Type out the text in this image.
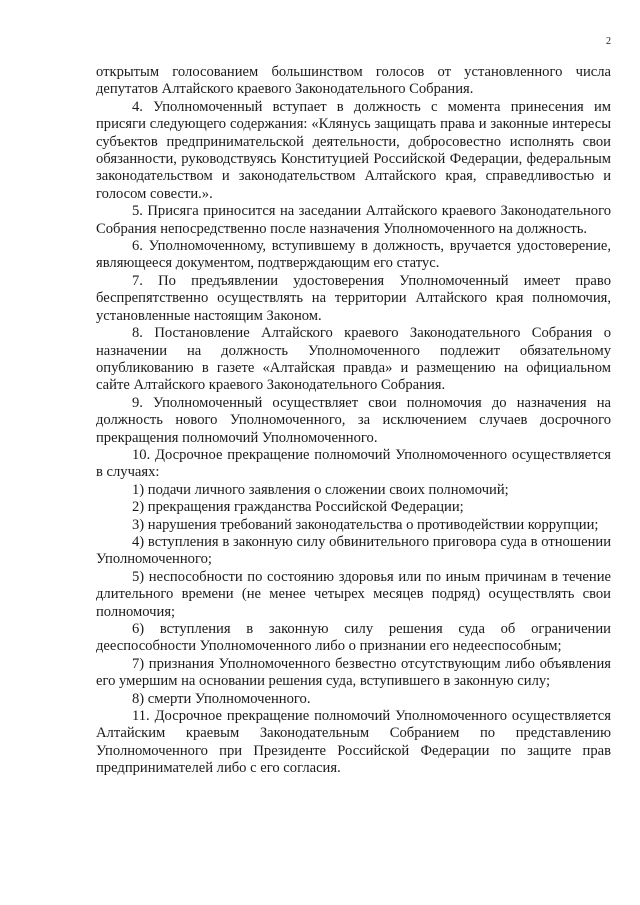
2

открытым голосованием большинством голосов от установленного числа депутатов Алтайского краевого Законодательного Собрания.

4. Уполномоченный вступает в должность с момента принесения им присяги следующего содержания: «Клянусь защищать права и законные интересы субъектов предпринимательской деятельности, добросовестно исполнять свои обязанности, руководствуясь Конституцией Российской Федерации, федеральным законодательством и законодательством Алтайского края, справедливостью и голосом совести.».

5. Присяга приносится на заседании Алтайского краевого Законодательного Собрания непосредственно после назначения Уполномоченного на должность.

6. Уполномоченному, вступившему в должность, вручается удостоверение, являющееся документом, подтверждающим его статус.

7. По предъявлении удостоверения Уполномоченный имеет право беспрепятственно осуществлять на территории Алтайского края полномочия, установленные настоящим Законом.

8. Постановление Алтайского краевого Законодательного Собрания о назначении на должность Уполномоченного подлежит обязательному опубликованию в газете «Алтайская правда» и размещению на официальном сайте Алтайского краевого Законодательного Собрания.

9. Уполномоченный осуществляет свои полномочия до назначения на должность нового Уполномоченного, за исключением случаев досрочного прекращения полномочий Уполномоченного.

10. Досрочное прекращение полномочий Уполномоченного осуществляется в случаях:

1) подачи личного заявления о сложении своих полномочий;

2) прекращения гражданства Российской Федерации;

3) нарушения требований законодательства о противодействии коррупции;

4) вступления в законную силу обвинительного приговора суда в отношении Уполномоченного;

5) неспособности по состоянию здоровья или по иным причинам в течение длительного времени (не менее четырех месяцев подряд) осуществлять свои полномочия;

6) вступления в законную силу решения суда об ограничении дееспособности Уполномоченного либо о признании его недееспособным;

7) признания Уполномоченного безвестно отсутствующим либо объявления его умершим на основании решения суда, вступившего в законную силу;

8) смерти Уполномоченного.

11. Досрочное прекращение полномочий Уполномоченного осуществляется Алтайским краевым Законодательным Собранием по представлению Уполномоченного при Президенте Российской Федерации по защите прав предпринимателей либо с его согласия.
